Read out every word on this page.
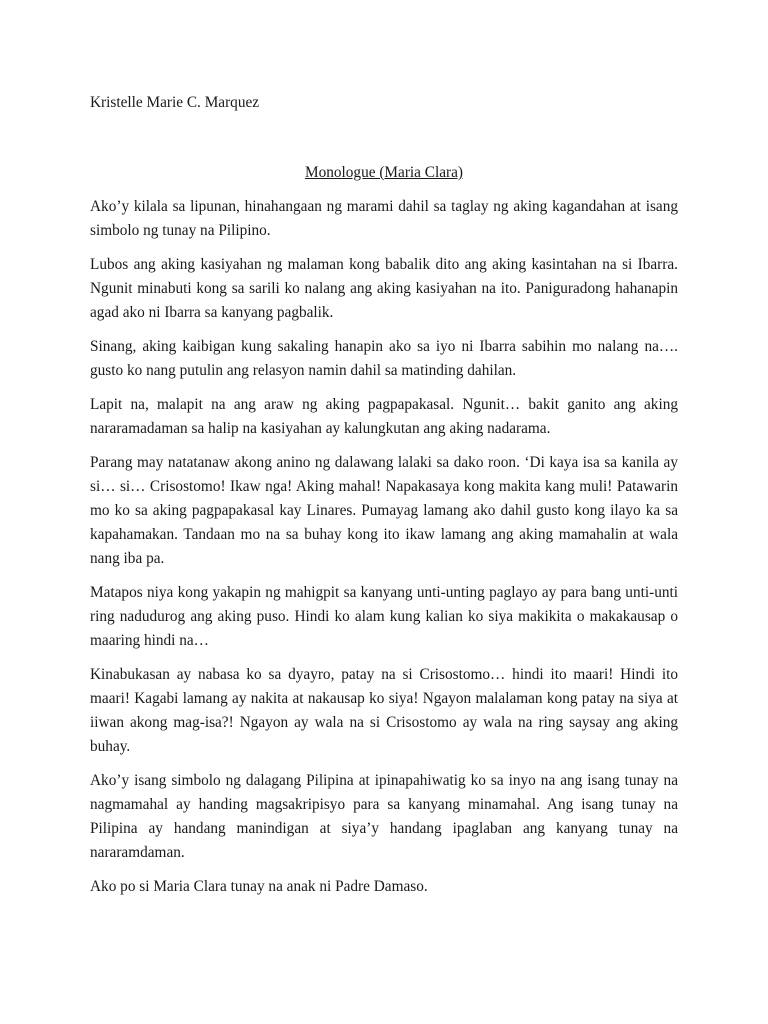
Kristelle Marie C. Marquez

Monologue (Maria Clara)

Ako’y kilala sa lipunan, hinahangaan ng marami dahil sa taglay ng aking kagandahan at isang simbolo ng tunay na Pilipino.

Lubos ang aking kasiyahan ng malaman kong babalik dito ang aking kasintahan na si Ibarra. Ngunit minabuti kong sa sarili ko nalang ang aking kasiyahan na ito. Paniguradong hahanapin agad ako ni Ibarra sa kanyang pagbalik.

Sinang, aking kaibigan kung sakaling hanapin ako sa iyo ni Ibarra sabihin mo nalang na…. gusto ko nang putulin ang relasyon namin dahil sa matinding dahilan.

Lapit na, malapit na ang araw ng aking pagpapakasal. Ngunit… bakit ganito ang aking nararamadaman sa halip na kasiyahan ay kalungkutan ang aking nadarama.

Parang may natatanaw akong anino ng dalawang lalaki sa dako roon. ‘Di kaya isa sa kanila ay si… si… Crisostomo! Ikaw nga! Aking mahal! Napakasaya kong makita kang muli! Patawarin mo ko sa aking pagpapakasal kay Linares. Pumayag lamang ako dahil gusto kong ilayo ka sa kapahamakan. Tandaan mo na sa buhay kong ito ikaw lamang ang aking mamahalin at wala nang iba pa.

Matapos niya kong yakapin ng mahigpit sa kanyang unti-unting paglayo ay para bang unti-unti ring nadudurog ang aking puso. Hindi ko alam kung kalian ko siya makikita o makakausap o maaring hindi na…

Kinabukasan ay nabasa ko sa dyayro, patay na si Crisostomo… hindi ito maari! Hindi ito maari! Kagabi lamang ay nakita at nakausap ko siya! Ngayon malalaman kong patay na siya at iiwan akong mag-isa?! Ngayon ay wala na si Crisostomo ay wala na ring saysay ang aking buhay.

Ako’y isang simbolo ng dalagang Pilipina at ipinapahiwatig ko sa inyo na ang isang tunay na nagmamahal ay handing magsakripisyo para sa kanyang minamahal. Ang isang tunay na Pilipina ay handang manindigan at siya’y handang ipaglaban ang kanyang tunay na nararamdaman.

Ako po si Maria Clara tunay na anak ni Padre Damaso.
